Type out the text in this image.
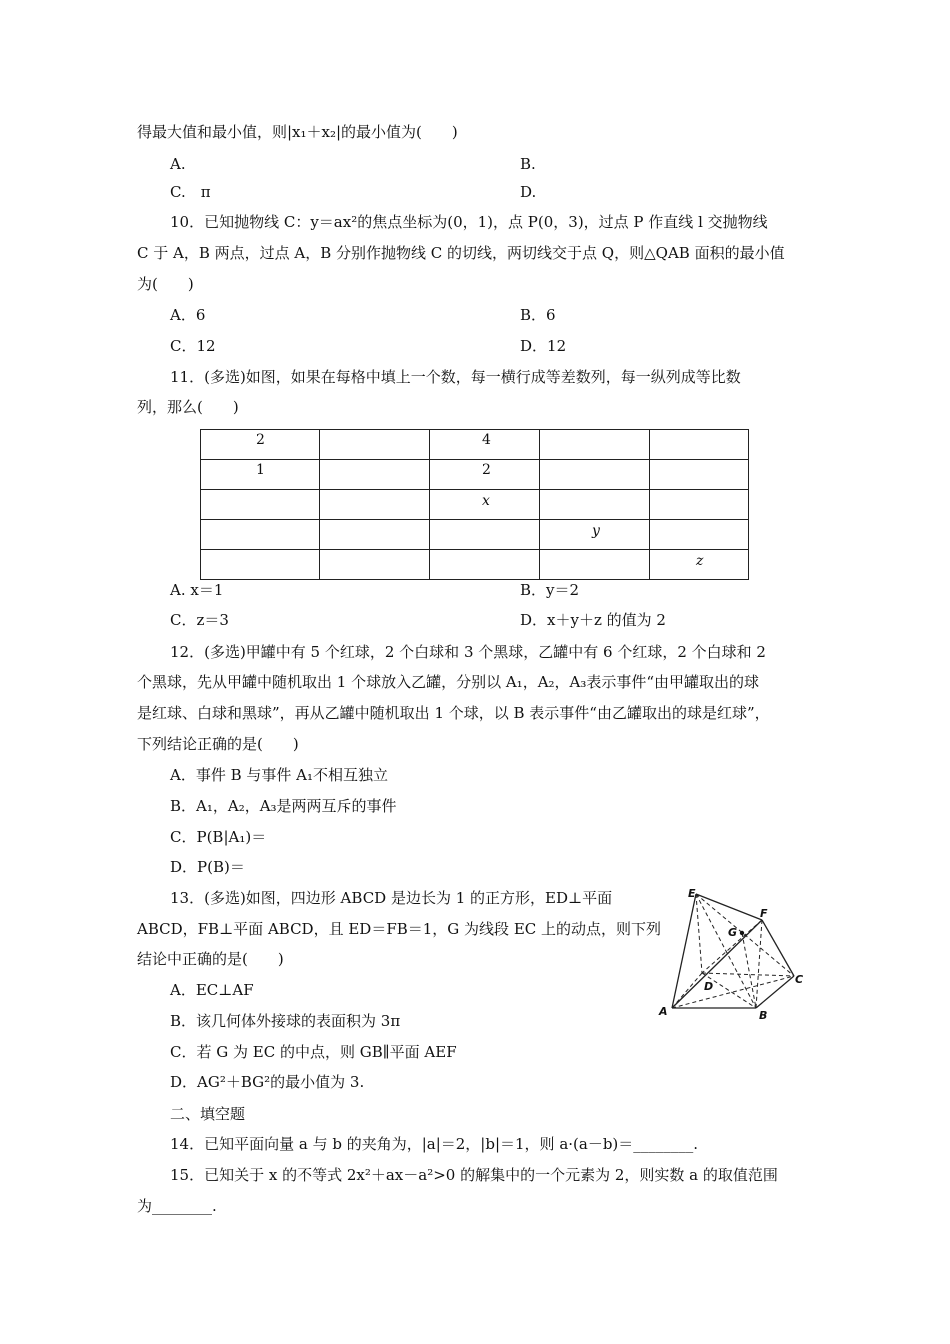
得最大值和最小值，则|x₁＋x₂|的最小值为(　　)
A.	B.
C.　π	D.
10．已知抛物线 C：y＝ax²的焦点坐标为(0，1)，点 P(0，3)，过点 P 作直线 l 交抛物线
C 于 A，B 两点，过点 A，B 分别作抛物线 C 的切线，两切线交于点 Q，则△QAB 面积的最小值
为(　　)
A．6	B．6
C．12	D．12
11．(多选)如图，如果在每格中填上一个数，每一横行成等差数列，每一纵列成等比数
列，那么(　　)
2		4		
1		2		
		x		
			y	
				z
A. x＝1	B．y＝2
C．z＝3	D．x＋y＋z 的值为 2
12．(多选)甲罐中有 5 个红球，2 个白球和 3 个黑球，乙罐中有 6 个红球，2 个白球和 2
个黑球，先从甲罐中随机取出 1 个球放入乙罐，分别以 A₁，A₂，A₃表示事件“由甲罐取出的球
是红球、白球和黑球”，再从乙罐中随机取出 1 个球，以 B 表示事件“由乙罐取出的球是红球”，
下列结论正确的是(　　)
A．事件 B 与事件 A₁不相互独立
B．A₁，A₂，A₃是两两互斥的事件
C．P(B|A₁)＝
D．P(B)＝
13．(多选)如图，四边形 ABCD 是边长为 1 的正方形，ED⊥平面
ABCD，FB⊥平面 ABCD，且 ED＝FB＝1，G 为线段 EC 上的动点，则下列
结论中正确的是(　　)
A．EC⊥AF
B．该几何体外接球的表面积为 3π
C．若 G 为 EC 的中点，则 GB∥平面 AEF
D．AG²＋BG²的最小值为 3.
E
F
G
D
C
A	B
二、填空题
14．已知平面向量 a 与 b 的夹角为，|a|＝2，|b|＝1，则 a·(a－b)＝________.
15．已知关于 x 的不等式 2x²＋ax－a²>0 的解集中的一个元素为 2，则实数 a 的取值范围
为________.
